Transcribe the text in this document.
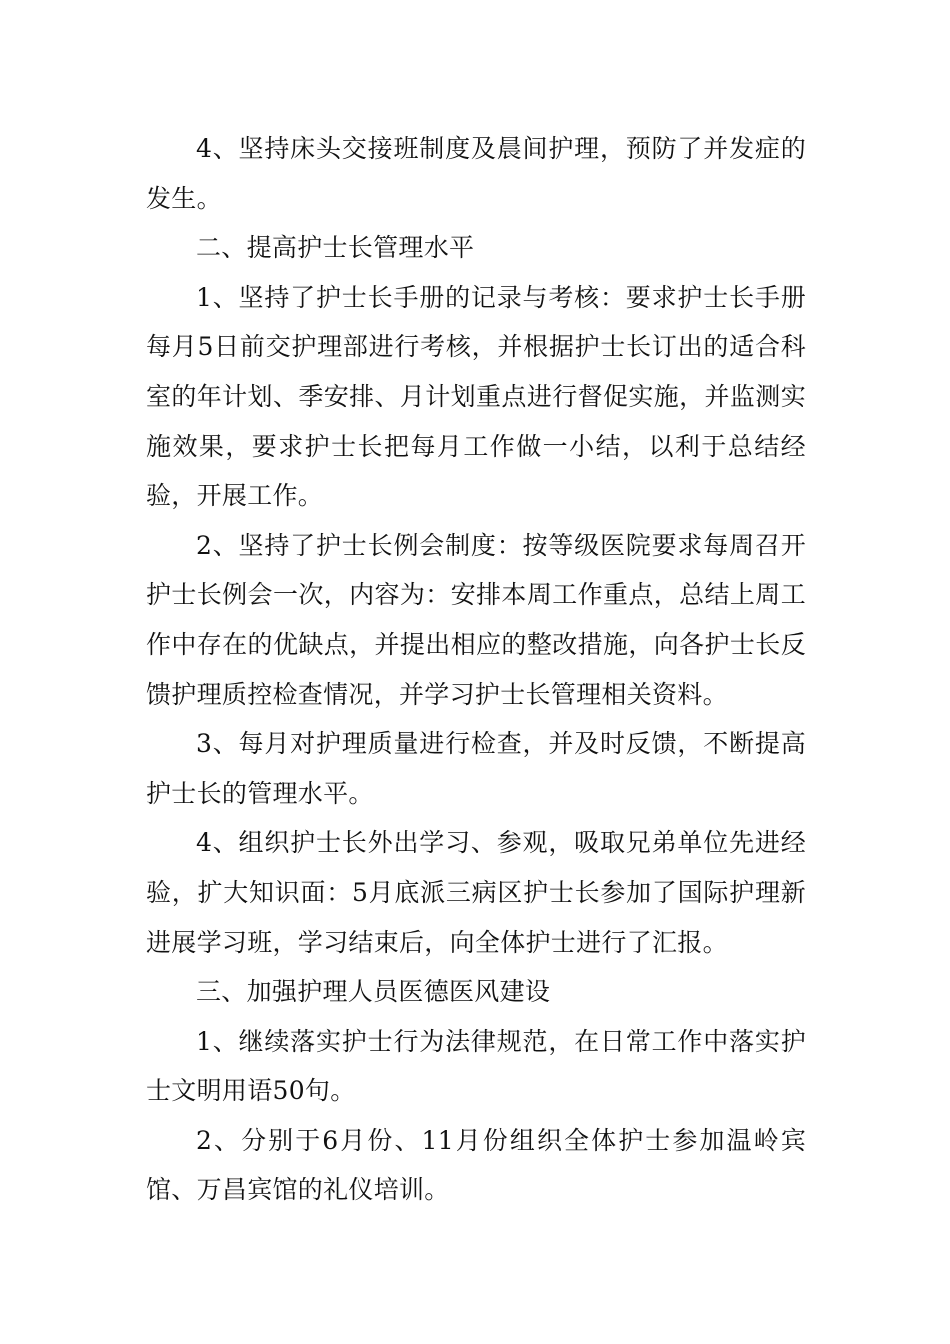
4、坚持床头交接班制度及晨间护理，预防了并发症的发生。

二、提高护士长管理水平

1、坚持了护士长手册的记录与考核：要求护士长手册每月5日前交护理部进行考核，并根据护士长订出的适合科室的年计划、季安排、月计划重点进行督促实施，并监测实施效果，要求护士长把每月工作做一小结，以利于总结经验，开展工作。

2、坚持了护士长例会制度：按等级医院要求每周召开护士长例会一次，内容为：安排本周工作重点，总结上周工作中存在的优缺点，并提出相应的整改措施，向各护士长反馈护理质控检查情况，并学习护士长管理相关资料。

3、每月对护理质量进行检查，并及时反馈，不断提高护士长的管理水平。

4、组织护士长外出学习、参观，吸取兄弟单位先进经验，扩大知识面：5月底派三病区护士长参加了国际护理新进展学习班，学习结束后，向全体护士进行了汇报。

三、加强护理人员医德医风建设

1、继续落实护士行为法律规范，在日常工作中落实护士文明用语50句。

2、分别于6月份、11月份组织全体护士参加温岭宾馆、万昌宾馆的礼仪培训。
